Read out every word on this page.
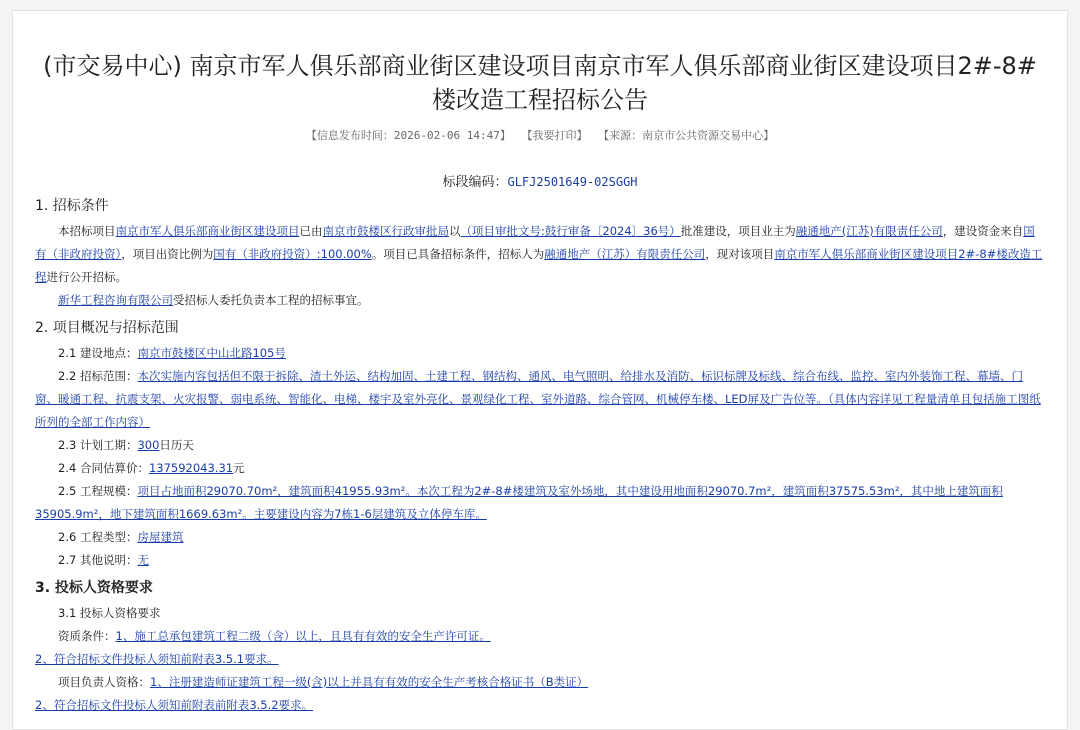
(市交易中心) 南京市军人俱乐部商业街区建设项目南京市军人俱乐部商业街区建设项目2#-8#楼改造工程招标公告
【信息发布时间：2026-02-06 14:47】 【我要打印】 【来源：南京市公共资源交易中心】
标段编码：GLFJ2501649-02SGGH
1. 招标条件

本招标项目南京市军人俱乐部商业街区建设项目已由南京市鼓楼区行政审批局以（项目审批文号:鼓行审备〔2024〕36号）批准建设，项目业主为融通地产(江苏)有限责任公司，建设资金来自国有（非政府投资），项目出资比例为国有（非政府投资）:100.00%。项目已具备招标条件，招标人为融通地产（江苏）有限责任公司，现对该项目南京市军人俱乐部商业街区建设项目2#-8#楼改造工程进行公开招标。

新华工程咨询有限公司受招标人委托负责本工程的招标事宜。

2. 项目概况与招标范围

2.1 建设地点：南京市鼓楼区中山北路105号

2.2 招标范围：本次实施内容包括但不限于拆除、渣土外运、结构加固、土建工程、钢结构、通风、电气照明、给排水及消防、标识标牌及标线、综合布线、监控、室内外装饰工程、幕墙、门窗、暖通工程、抗震支架、火灾报警、弱电系统、智能化、电梯、楼宇及室外亮化、景观绿化工程、室外道路、综合管网、机械停车楼、LED屏及广告位等。（具体内容详见工程量清单且包括施工图纸所列的全部工作内容）

2.3 计划工期：300日历天

2.4 合同估算价：137592043.31元

2.5 工程规模：项目占地面积29070.70m²，建筑面积41955.93m²。本次工程为2#-8#楼建筑及室外场地，其中建设用地面积29070.7m²，建筑面积37575.53m²，其中地上建筑面积35905.9m²，地下建筑面积1669.63m²。主要建设内容为7栋1-6层建筑及立体停车库。

2.6 工程类型：房屋建筑

2.7 其他说明：无

3. 投标人资格要求

3.1 投标人资格要求

资质条件：1、施工总承包建筑工程二级（含）以上，且具有有效的安全生产许可证。

2、符合招标文件投标人须知前附表3.5.1要求。

项目负责人资格：1、注册建造师证建筑工程一级(含)以上并具有有效的安全生产考核合格证书（B类证）

2、符合招标文件投标人须知前附表前附表3.5.2要求。
